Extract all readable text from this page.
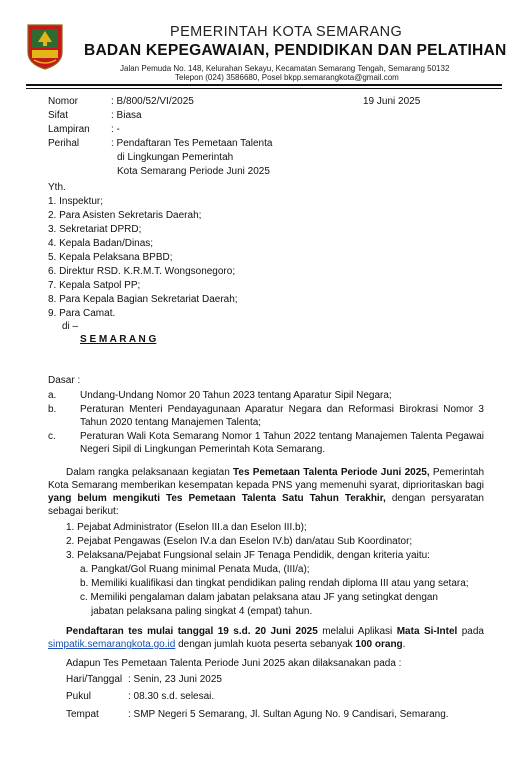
PEMERINTAH KOTA SEMARANG
BADAN KEPEGAWAIAN, PENDIDIKAN DAN PELATIHAN
Jalan Pemuda No. 148, Kelurahan Sekayu, Kecamatan Semarang Tengah, Semarang 50132
Telepon (024) 3586680, Posel bkpp.semarangkota@gmail.com
Nomor	: B/800/52/VI/2025	19 Juni 2025
Sifat	: Biasa
Lampiran : -
Perihal	: Pendaftaran Tes Pemetaan Talenta
di Lingkungan Pemerintah
Kota Semarang Periode Juni 2025
Yth.
1. Inspektur;
2. Para Asisten Sekretaris Daerah;
3. Sekretariat DPRD;
4. Kepala Badan/Dinas;
5. Kepala Pelaksana BPBD;
6. Direktur RSD. K.R.M.T. Wongsonegoro;
7. Kepala Satpol PP;
8. Para Kepala Bagian Sekretariat Daerah;
9. Para Camat.
di –
S E M A R A N G
Dasar :
a. Undang-Undang Nomor 20 Tahun 2023 tentang Aparatur Sipil Negara;
b. Peraturan Menteri Pendayagunaan Aparatur Negara dan Reformasi Birokrasi Nomor 3 Tahun 2020 tentang Manajemen Talenta;
c. Peraturan Wali Kota Semarang Nomor 1 Tahun 2022 tentang Manajemen Talenta Pegawai Negeri Sipil di Lingkungan Pemerintah Kota Semarang.
Dalam rangka pelaksanaan kegiatan Tes Pemetaan Talenta Periode Juni 2025, Pemerintah Kota Semarang memberikan kesempatan kepada PNS yang memenuhi syarat, diprioritaskan bagi yang belum mengikuti Tes Pemetaan Talenta Satu Tahun Terakhir, dengan persyaratan sebagai berikut:
1. Pejabat Administrator (Eselon III.a dan Eselon III.b);
2. Pejabat Pengawas (Eselon IV.a dan Eselon IV.b) dan/atau Sub Koordinator;
3. Pelaksana/Pejabat Fungsional selain JF Tenaga Pendidik, dengan kriteria yaitu:
a. Pangkat/Gol Ruang minimal Penata Muda, (III/a);
b. Memiliki kualifikasi dan tingkat pendidikan paling rendah diploma III atau yang setara;
c. Memiliki pengalaman dalam jabatan pelaksana atau JF yang setingkat dengan
jabatan pelaksana paling singkat 4 (empat) tahun.
Pendaftaran tes mulai tanggal 19 s.d. 20 Juni 2025 melalui Aplikasi Mata Si-Intel pada simpatik.semarangkota.go.id dengan jumlah kuota peserta sebanyak 100 orang.
Adapun Tes Pemetaan Talenta Periode Juni 2025 akan dilaksanakan pada :
Hari/Tanggal : Senin, 23 Juni 2025
Pukul	: 08.30 s.d. selesai.
Tempat	: SMP Negeri 5 Semarang, Jl. Sultan Agung No. 9 Candisari, Semarang.
